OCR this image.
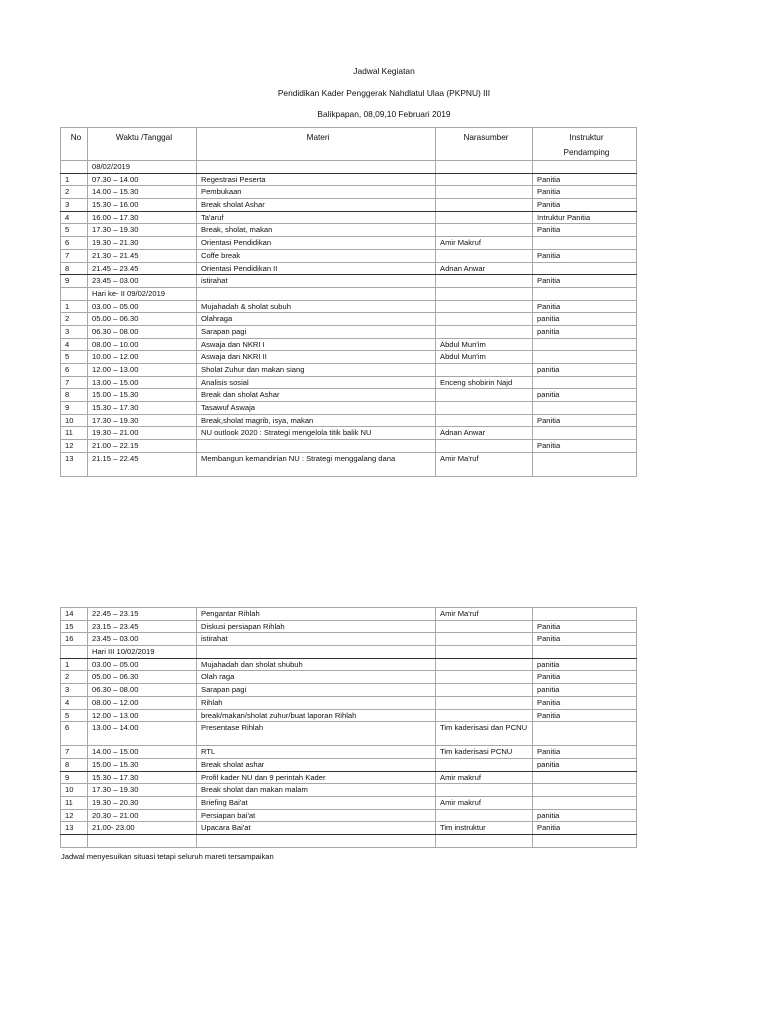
Jadwal Kegiatan
Pendidikan Kader Penggerak Nahdlatul Ulaa (PKPNU) III
Balikpapan, 08,09,10 Februari 2019
No	Waktu /Tanggal	Materi	Narasumber	Instruktur
Pendamping

	08/02/2019			
1	07.30 – 14.00	Regestrasi Peserta		Panitia
2	14.00 – 15.30	Pembukaan		Panitia
3	15.30 – 16.00	Break sholat Ashar		Panitia
4	16.00 – 17.30	Ta'aruf		Intruktur Panitia
5	17.30 – 19.30	Break, sholat, makan		Panitia
6	19.30 – 21.30	Orientasi Pendidikan	Amir Makruf	
7	21.30 – 21.45	Coffe break		Panitia
8	21.45 – 23.45	Orientasi Pendidikan II	Adnan Anwar	
9	23.45 – 03.00	istirahat		Panitia
	Hari ke- II 09/02/2019			
1	03.00 – 05.00	Mujahadah & sholat subuh		Panitia
2	05.00 – 06.30	Olahraga		panitia
3	06.30 – 08.00	Sarapan pagi		panitia
4	08.00 – 10.00	Aswaja dan NKRI I	Abdul Mun'im	
5	10.00 – 12.00	Aswaja dan NKRI II	Abdul Mun'im	
6	12.00 – 13.00	Sholat Zuhur dan makan siang		panitia
7	13.00 – 15.00	Analisis sosial	Enceng shobirin Najd	
8	15.00 – 15.30	Break dan sholat Ashar		panitia
9	15.30 – 17.30	Tasawuf Aswaja		
10	17.30 – 19.30	Break,sholat magrib, isya, makan		Panitia
11	19.30 – 21.00	NU outlook 2020 : Strategi mengelola titik balik NU	Adnan Anwar	
12	21.00 – 22.15			Panitia
13	21.15 – 22.45	Membangun kemandirian NU : Strategi menggalang dana	Amir Ma'ruf	
14	22.45 – 23.15	Pengantar Rihlah	Amir Ma'ruf	
15	23.15 – 23.45	Diskusi persiapan Rihlah		Panitia
16	23.45 – 03.00	istirahat		Panitia
	Hari III 10/02/2019			
1	03.00 – 05.00	Mujahadah dan sholat shubuh		panitia
2	05.00 – 06.30	Olah raga		Panitia
3	06.30 – 08.00	Sarapan pagi		panitia
4	08.00 – 12.00	Rihlah		Panitia
5	12.00 – 13.00	break/makan/sholat zuhur/buat laporan Rihlah		Panitia
6	13.00 – 14.00	Presentase Rihlah	Tim kaderisasi dan PCNU	
7	14.00 – 15.00	RTL	Tim kaderisasi PCNU	Panitia
8	15.00 – 15.30	Break sholat ashar		panitia
9	15.30 – 17.30	Profil kader NU dan 9 perintah Kader	Amir makruf	
10	17.30 – 19.30	Break sholat dan makan malam		
11	19.30 – 20.30	Briefing Bai'at	Amir makruf	
12	20.30 – 21.00	Persiapan bai'at		panitia
13	21.00- 23.00	Upacara Bai'at	Tim instruktur	Panitia

Jadwal menyesuikan situasi tetapi seluruh mareti tersampaikan
